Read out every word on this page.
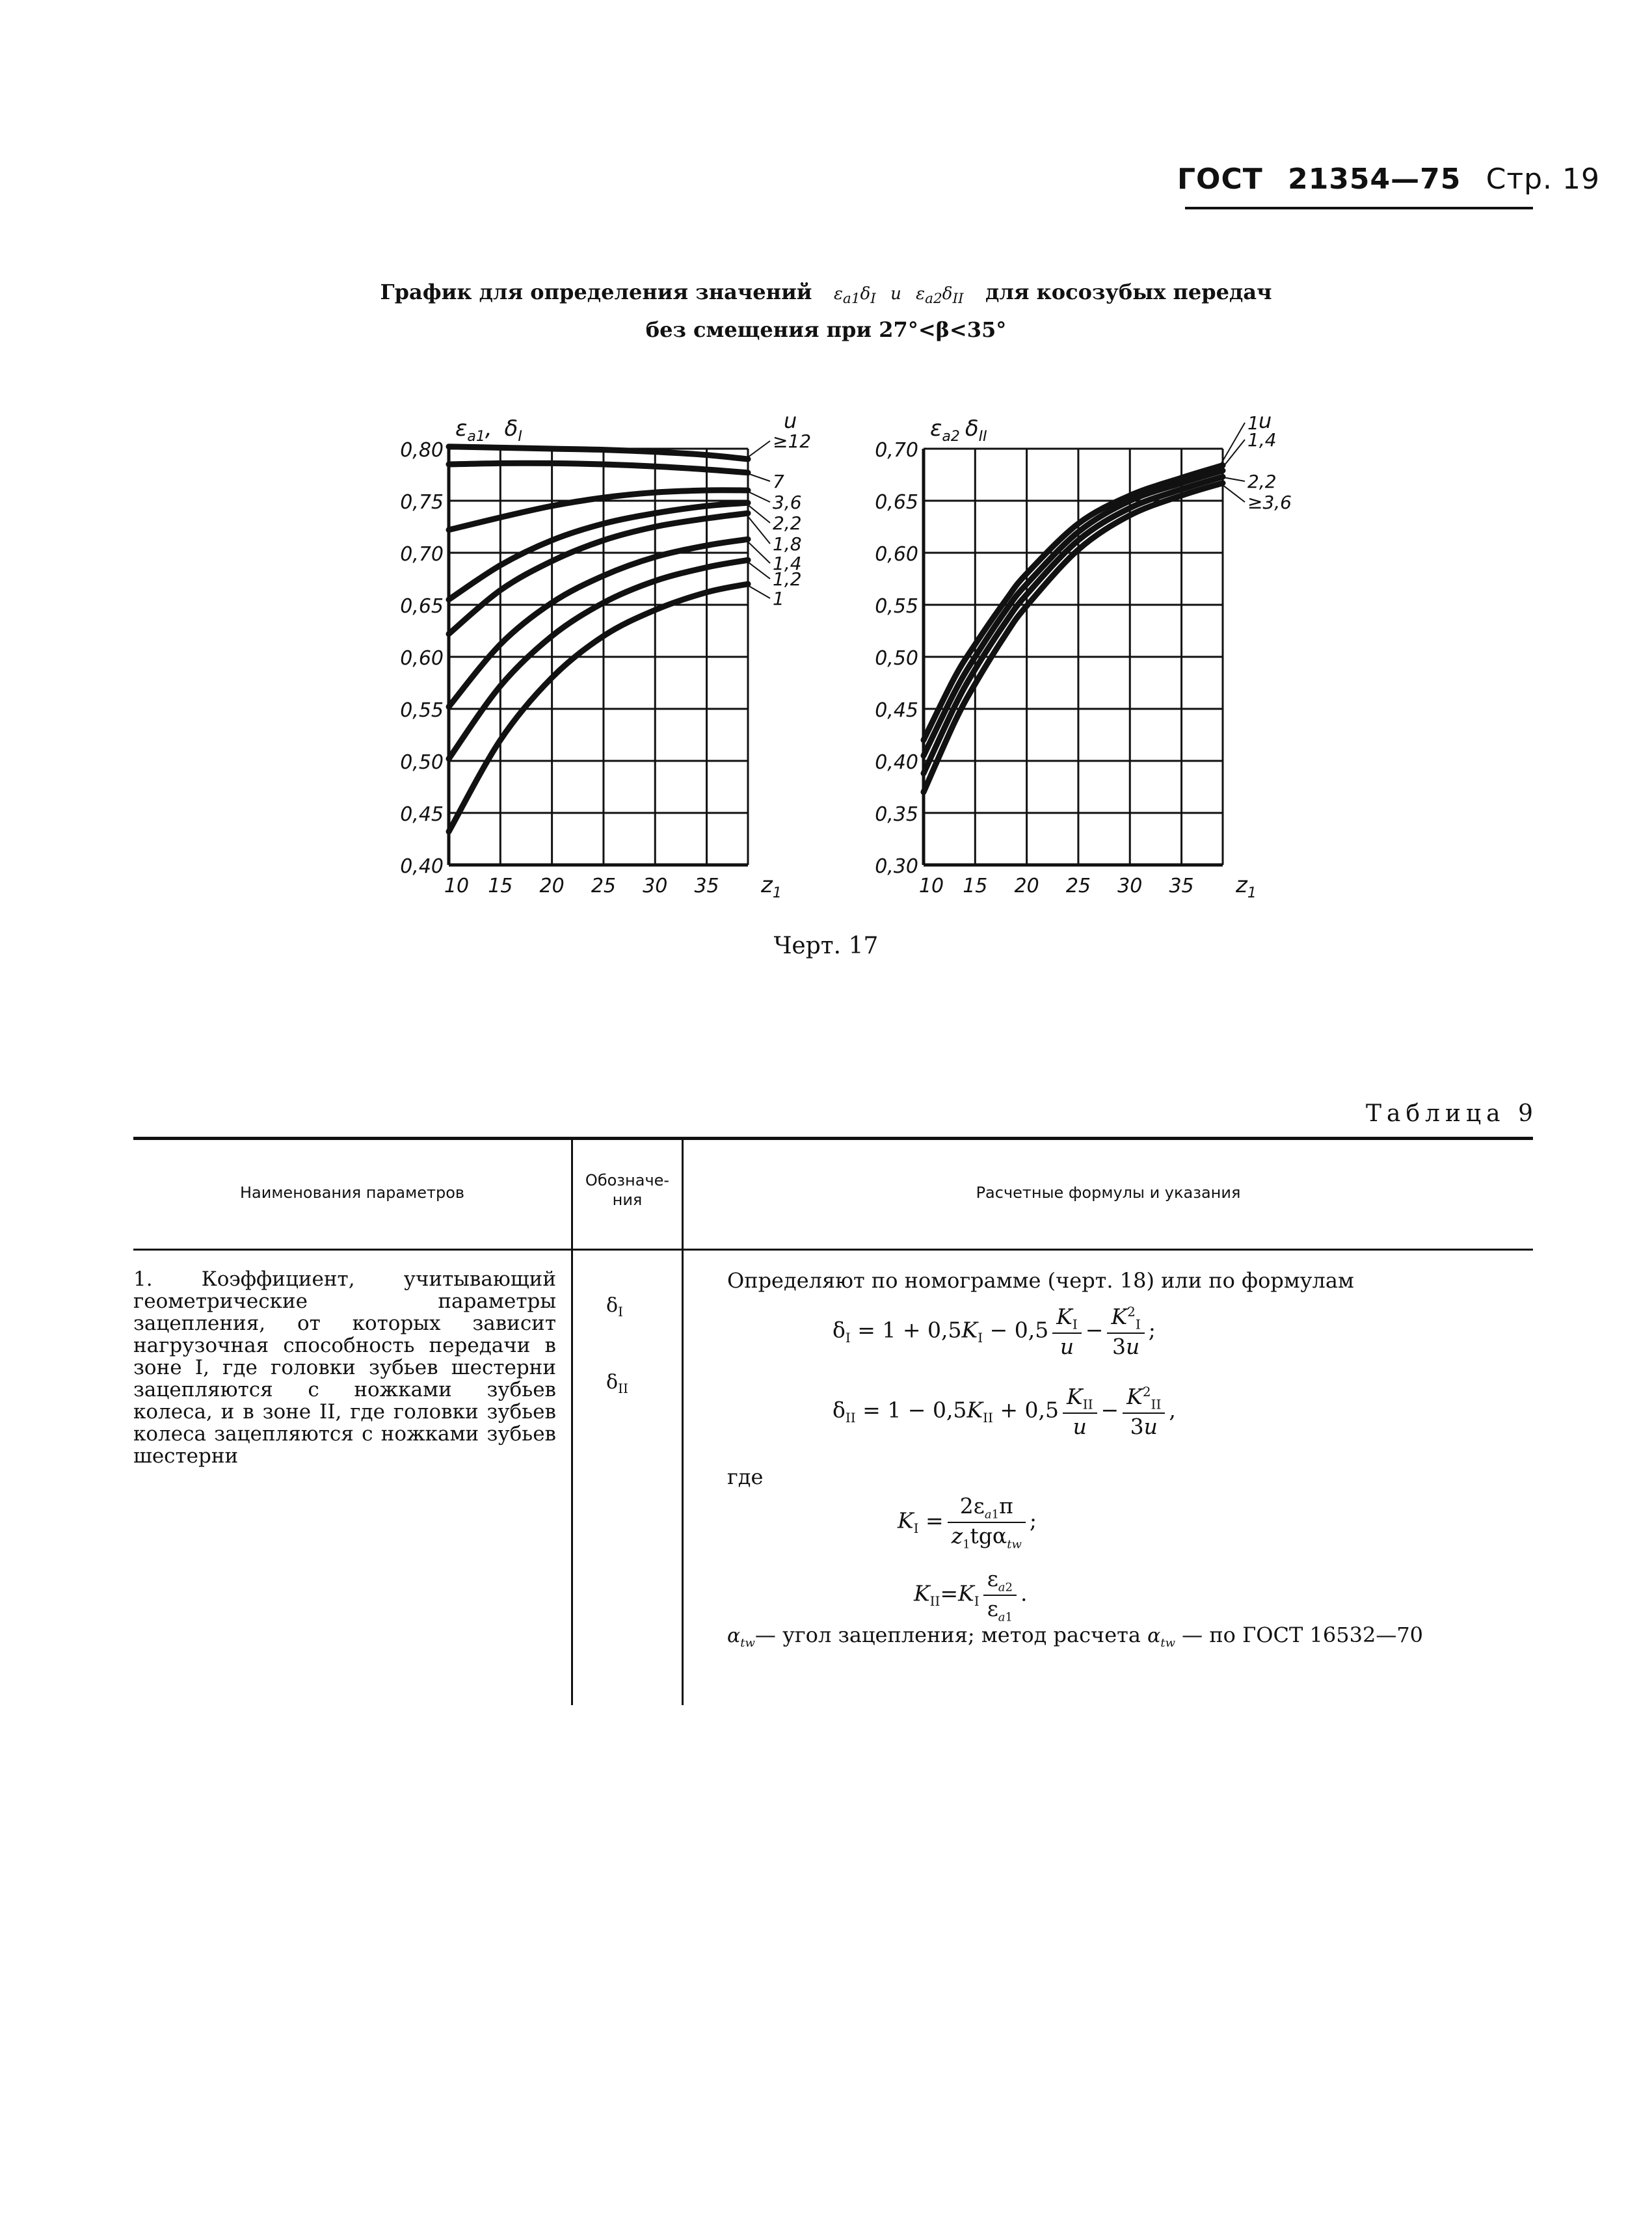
ГОСТ 21354—75 Стр. 19
График для определения значений $\varepsilon_{a1}\delta_I$ и $\varepsilon_{a2}\delta_{II}$ для косозубых передач
без смещения при 27°<β<35°
0,40
0,45
0,50
0,55
0,60
0,65
0,70
0,75
0,80
10 15 20 25 30 35 $z_1$
$\varepsilon_{a1}$, $\delta_I$
u
≥12
7
3,6
2,2
1,8
1,4
1,2
1
0,30
0,35
0,40
0,45
0,50
0,55
0,60
0,65
0,70
10 15 20 25 30 35 $z_1$
$\varepsilon_{a2}$ $\delta_{II}$
u
1
1,4
2,2
≥3,6
Черт. 17
Таблица 9
Наименования параметров
Обозначе-
ния	Расчетные формулы и указания
1. Коэффициент, учитывающий геометрические параметры зацепления, от которых зависит нагрузочная способность передачи в зоне I, где головки зубьев шестерни зацепляются с ножками зубьев колеса, и в зоне II, где головки зубьев колеса зацепляются с ножками зубьев шестерни
$\delta_I$
$\delta_{II}$
Определяют по номограмме (черт. 18) или по формулам
$\delta_I = 1 + 0,5K_I - 0,5 \frac{K_I}{u} - \frac{K^2_I}{3u}$ ;
$\delta_{II} = 1 - 0,5K_{II} + 0,5 \frac{K_{II}}{u} - \frac{K^2_{II}}{3u}$ ,
где
$K_I = \frac{2\varepsilon_{a1}\pi}{z_1tg\alpha_{tw}}$ ;
$K_{II}=K_I \frac{\varepsilon_{a2}}{\varepsilon_{a1}}$ .
$\alpha_{tw}—$ угол зацепления; метод расчета $\alpha_{tw}$ — по ГОСТ 16532—70
